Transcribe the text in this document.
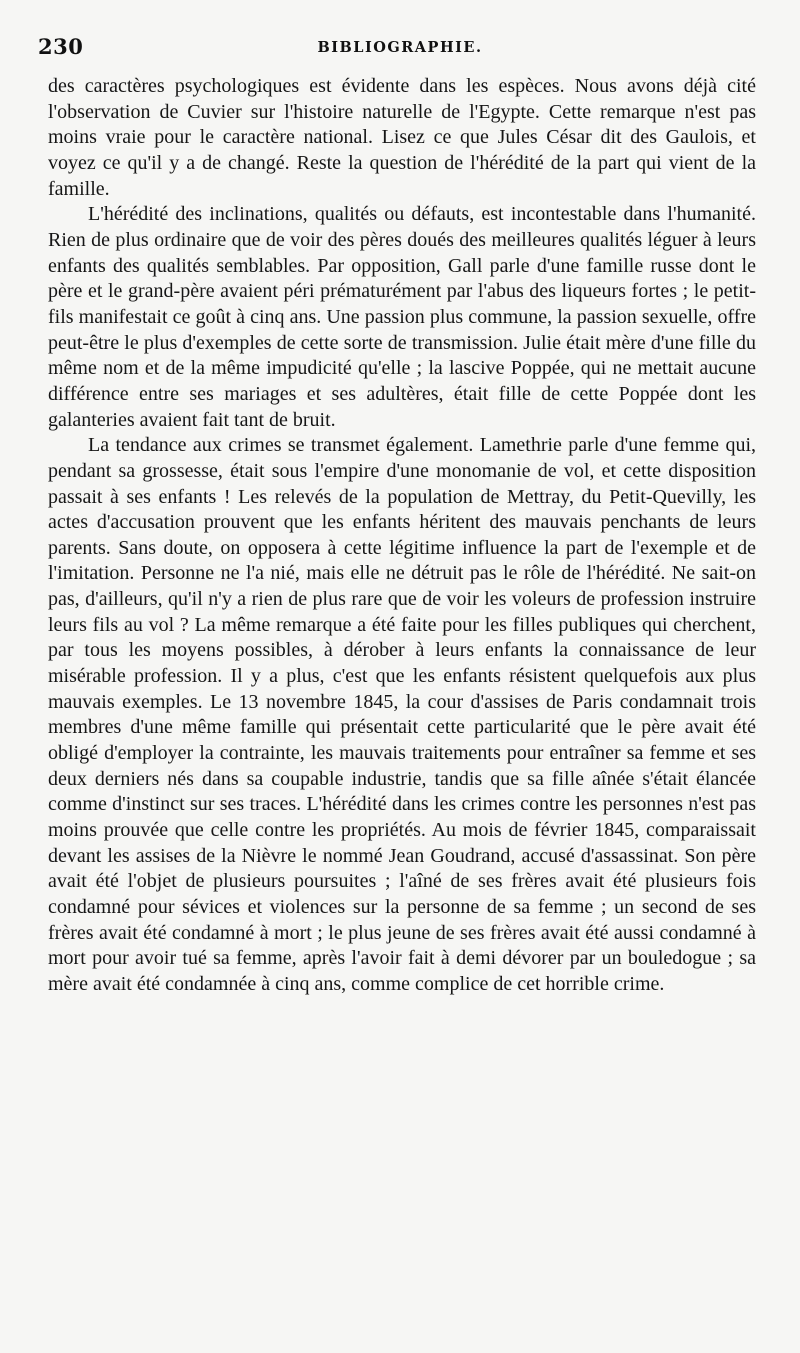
230	BIBLIOGRAPHIE.

des caractères psychologiques est évidente dans les espèces. Nous avons déjà cité l'observation de Cuvier sur l'histoire naturelle de l'Egypte. Cette remarque n'est pas moins vraie pour le caractère national. Lisez ce que Jules César dit des Gaulois, et voyez ce qu'il y a de changé. Reste la question de l'hérédité de la part qui vient de la famille.

L'hérédité des inclinations, qualités ou défauts, est incontestable dans l'humanité. Rien de plus ordinaire que de voir des pères doués des meilleures qualités léguer à leurs enfants des qualités semblables. Par opposition, Gall parle d'une famille russe dont le père et le grand-père avaient péri prématurément par l'abus des liqueurs fortes ; le petit-fils manifestait ce goût à cinq ans. Une passion plus commune, la passion sexuelle, offre peut-être le plus d'exemples de cette sorte de transmission. Julie était mère d'une fille du même nom et de la même impudicité qu'elle ; la lascive Poppée, qui ne mettait aucune différence entre ses mariages et ses adultères, était fille de cette Poppée dont les galanteries avaient fait tant de bruit.

La tendance aux crimes se transmet également. Lamethrie parle d'une femme qui, pendant sa grossesse, était sous l'empire d'une monomanie de vol, et cette disposition passait à ses enfants ! Les relevés de la population de Mettray, du Petit-Quevilly, les actes d'accusation prouvent que les enfants héritent des mauvais penchants de leurs parents. Sans doute, on opposera à cette légitime influence la part de l'exemple et de l'imitation. Personne ne l'a nié, mais elle ne détruit pas le rôle de l'hérédité. Ne sait-on pas, d'ailleurs, qu'il n'y a rien de plus rare que de voir les voleurs de profession instruire leurs fils au vol ? La même remarque a été faite pour les filles publiques qui cherchent, par tous les moyens possibles, à dérober à leurs enfants la connaissance de leur misérable profession. Il y a plus, c'est que les enfants résistent quelquefois aux plus mauvais exemples. Le 13 novembre 1845, la cour d'assises de Paris condamnait trois membres d'une même famille qui présentait cette particularité que le père avait été obligé d'employer la contrainte, les mauvais traitements pour entraîner sa femme et ses deux derniers nés dans sa coupable industrie, tandis que sa fille aînée s'était élancée comme d'instinct sur ses traces. L'hérédité dans les crimes contre les personnes n'est pas moins prouvée que celle contre les propriétés. Au mois de février 1845, comparaissait devant les assises de la Nièvre le nommé Jean Goudrand, accusé d'assassinat. Son père avait été l'objet de plusieurs poursuites ; l'aîné de ses frères avait été plusieurs fois condamné pour sévices et violences sur la personne de sa femme ; un second de ses frères avait été condamné à mort ; le plus jeune de ses frères avait été aussi condamné à mort pour avoir tué sa femme, après l'avoir fait à demi dévorer par un bouledogue ; sa mère avait été condamnée à cinq ans, comme complice de cet horrible crime.
